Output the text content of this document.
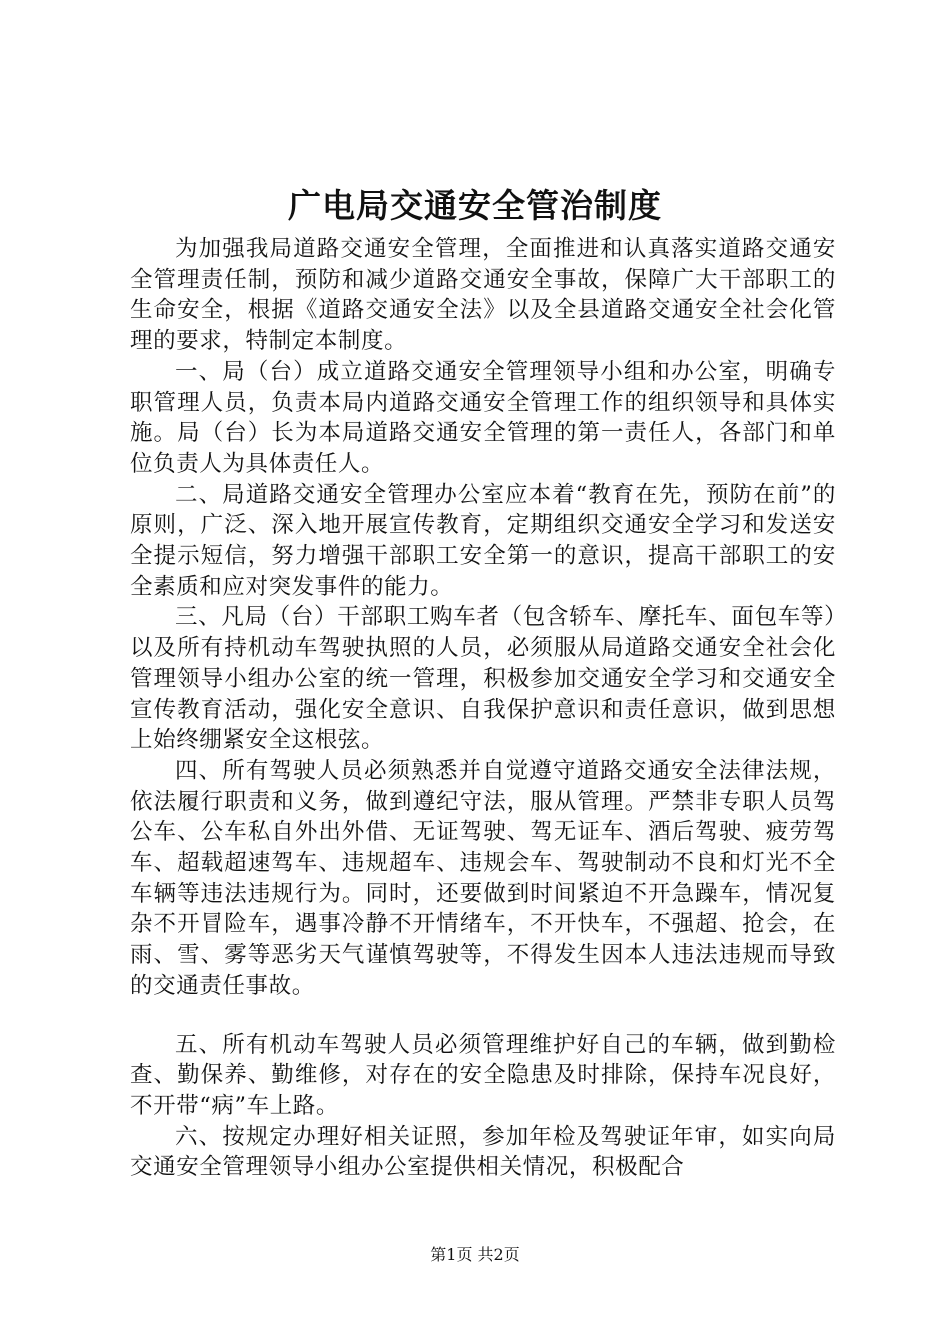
广电局交通安全管治制度

为加强我局道路交通安全管理，全面推进和认真落实道路交通安全管理责任制，预防和减少道路交通安全事故，保障广大干部职工的生命安全，根据《道路交通安全法》以及全县道路交通安全社会化管理的要求，特制定本制度。

一、局（台）成立道路交通安全管理领导小组和办公室，明确专职管理人员，负责本局内道路交通安全管理工作的组织领导和具体实施。局（台）长为本局道路交通安全管理的第一责任人，各部门和单位负责人为具体责任人。

二、局道路交通安全管理办公室应本着“教育在先，预防在前”的原则，广泛、深入地开展宣传教育，定期组织交通安全学习和发送安全提示短信，努力增强干部职工安全第一的意识，提高干部职工的安全素质和应对突发事件的能力。

三、凡局（台）干部职工购车者（包含轿车、摩托车、面包车等）以及所有持机动车驾驶执照的人员，必须服从局道路交通安全社会化管理领导小组办公室的统一管理，积极参加交通安全学习和交通安全宣传教育活动，强化安全意识、自我保护意识和责任意识，做到思想上始终绷紧安全这根弦。

四、所有驾驶人员必须熟悉并自觉遵守道路交通安全法律法规，依法履行职责和义务，做到遵纪守法，服从管理。严禁非专职人员驾公车、公车私自外出外借、无证驾驶、驾无证车、酒后驾驶、疲劳驾车、超载超速驾车、违规超车、违规会车、驾驶制动不良和灯光不全车辆等违法违规行为。同时，还要做到时间紧迫不开急躁车，情况复杂不开冒险车，遇事冷静不开情绪车，不开快车，不强超、抢会，在雨、雪、雾等恶劣天气谨慎驾驶等，不得发生因本人违法违规而导致的交通责任事故。

五、所有机动车驾驶人员必须管理维护好自己的车辆，做到勤检查、勤保养、勤维修，对存在的安全隐患及时排除，保持车况良好，不开带“病”车上路。

六、按规定办理好相关证照，参加年检及驾驶证年审，如实向局交通安全管理领导小组办公室提供相关情况，积极配合

第1页 共2页
